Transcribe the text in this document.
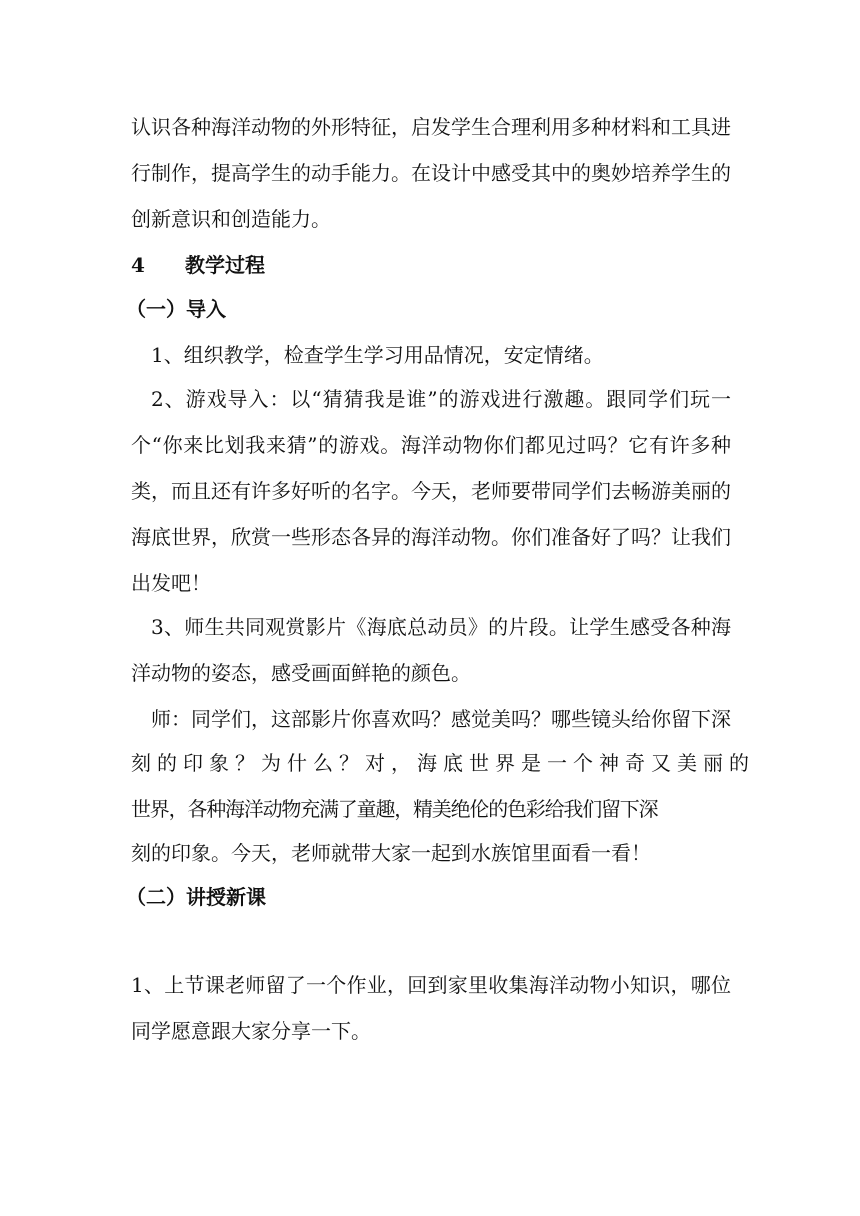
认识各种海洋动物的外形特征，启发学生合理利用多种材料和工具进
行制作，提高学生的动手能力。在设计中感受其中的奥妙培养学生的
创新意识和创造能力。
4 教学过程
（一）导入
1、组织教学，检查学生学习用品情况，安定情绪。
2、游戏导入：以“猜猜我是谁”的游戏进行激趣。跟同学们玩一
个“你来比划我来猜”的游戏。海洋动物你们都见过吗？它有许多种
类，而且还有许多好听的名字。今天，老师要带同学们去畅游美丽的
海底世界，欣赏一些形态各异的海洋动物。你们准备好了吗？让我们
出发吧！
3、师生共同观赏影片《海底总动员》的片段。让学生感受各种海
洋动物的姿态，感受画面鲜艳的颜色。
师：同学们，这部影片你喜欢吗？感觉美吗？哪些镜头给你留下深
刻的印象？为什么？对，海底世界是一个神奇又美丽的
世界，各种海洋动物充满了童趣，精美绝伦的色彩给我们留下深
刻的印象。今天，老师就带大家一起到水族馆里面看一看！
（二）讲授新课
1、上节课老师留了一个作业，回到家里收集海洋动物小知识，哪位
同学愿意跟大家分享一下。
